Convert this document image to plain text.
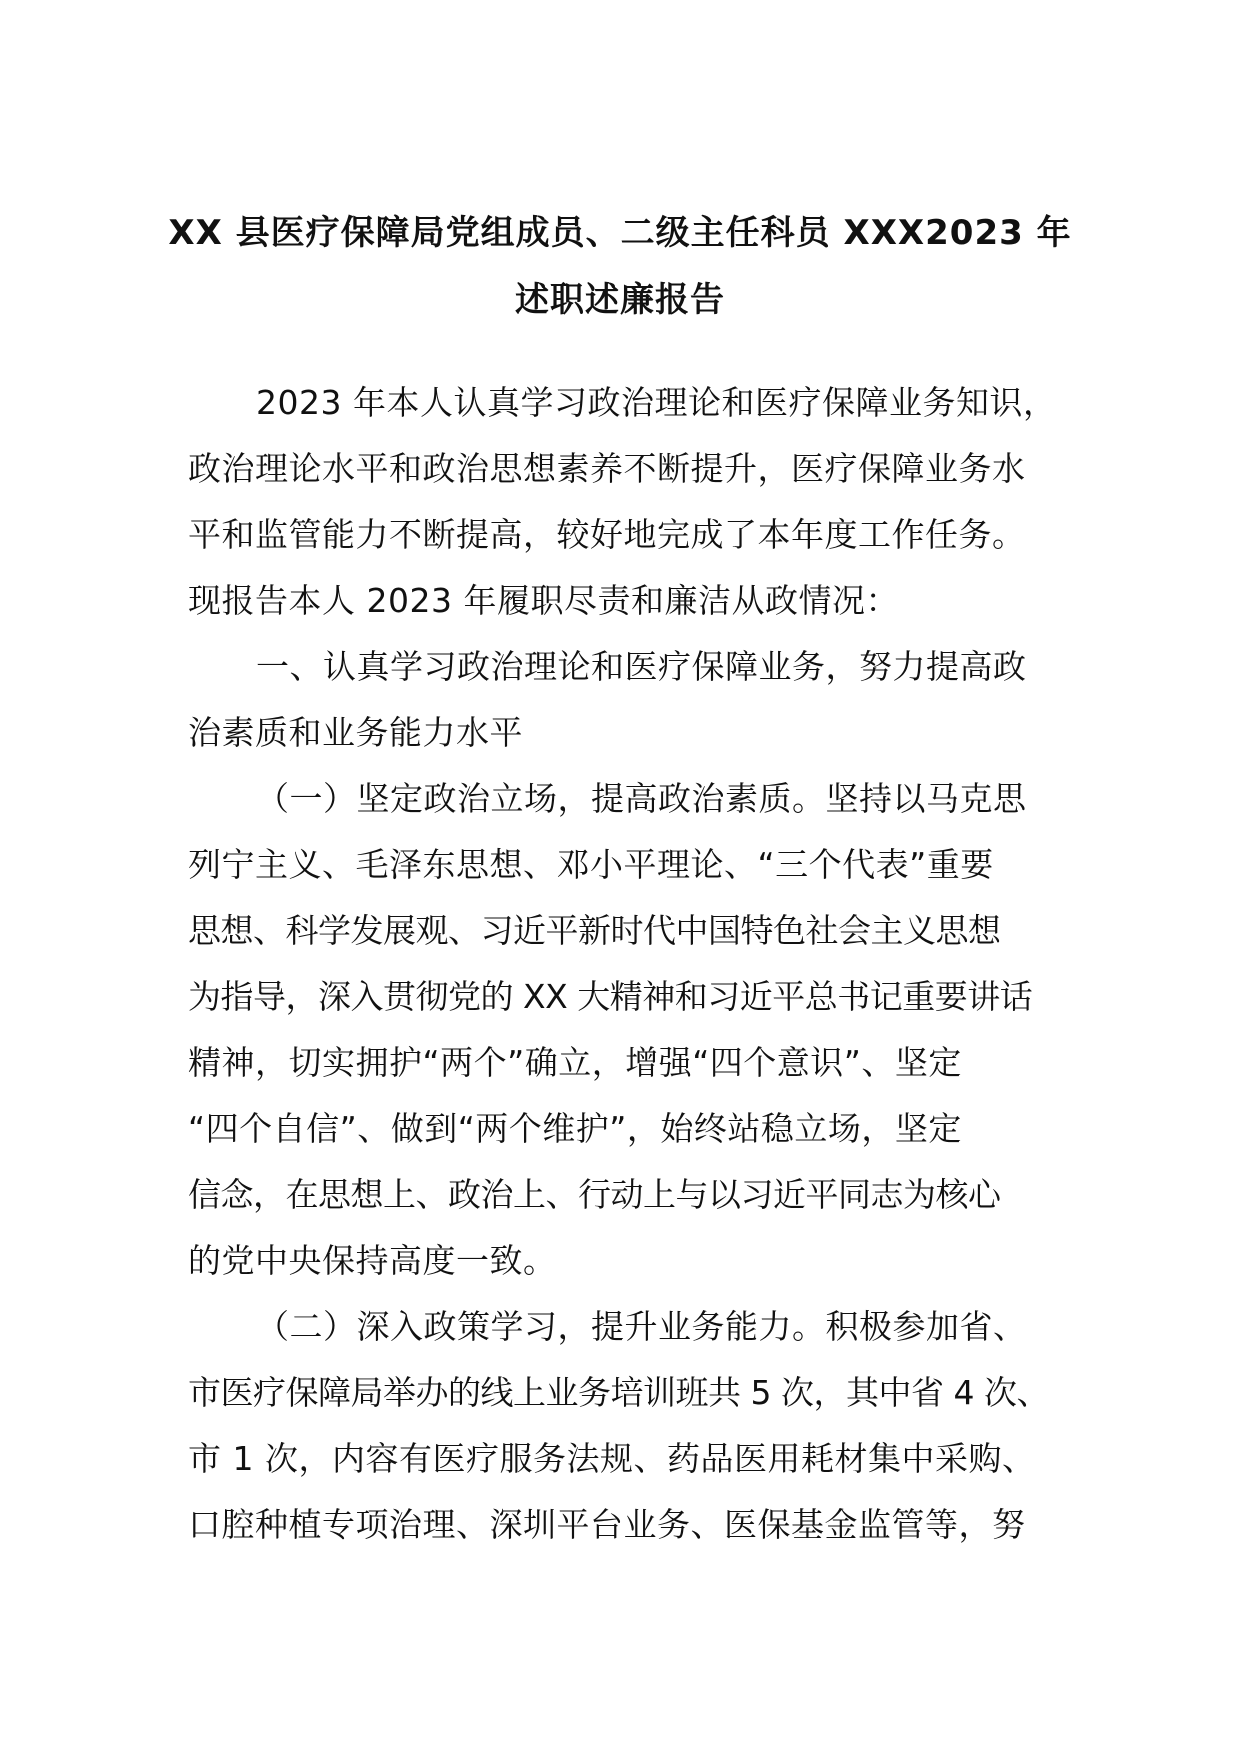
XX 县医疗保障局党组成员、二级主任科员 XXX2023 年
述职述廉报告
2023 年本人认真学习政治理论和医疗保障业务知识，
政治理论水平和政治思想素养不断提升，医疗保障业务水
平和监管能力不断提高，较好地完成了本年度工作任务。
现报告本人 2023 年履职尽责和廉洁从政情况：
一、认真学习政治理论和医疗保障业务，努力提高政
治素质和业务能力水平
（一）坚定政治立场，提高政治素质。坚持以马克思
列宁主义、毛泽东思想、邓小平理论、“三个代表”重要
思想、科学发展观、习近平新时代中国特色社会主义思想
为指导，深入贯彻党的 XX 大精神和习近平总书记重要讲话
精神，切实拥护“两个”确立，增强“四个意识”、坚定
“四个自信”、做到“两个维护”，始终站稳立场，坚定
信念，在思想上、政治上、行动上与以习近平同志为核心
的党中央保持高度一致。
（二）深入政策学习，提升业务能力。积极参加省、
市医疗保障局举办的线上业务培训班共 5 次，其中省 4 次、
市 1 次，内容有医疗服务法规、药品医用耗材集中采购、
口腔种植专项治理、深圳平台业务、医保基金监管等，努
